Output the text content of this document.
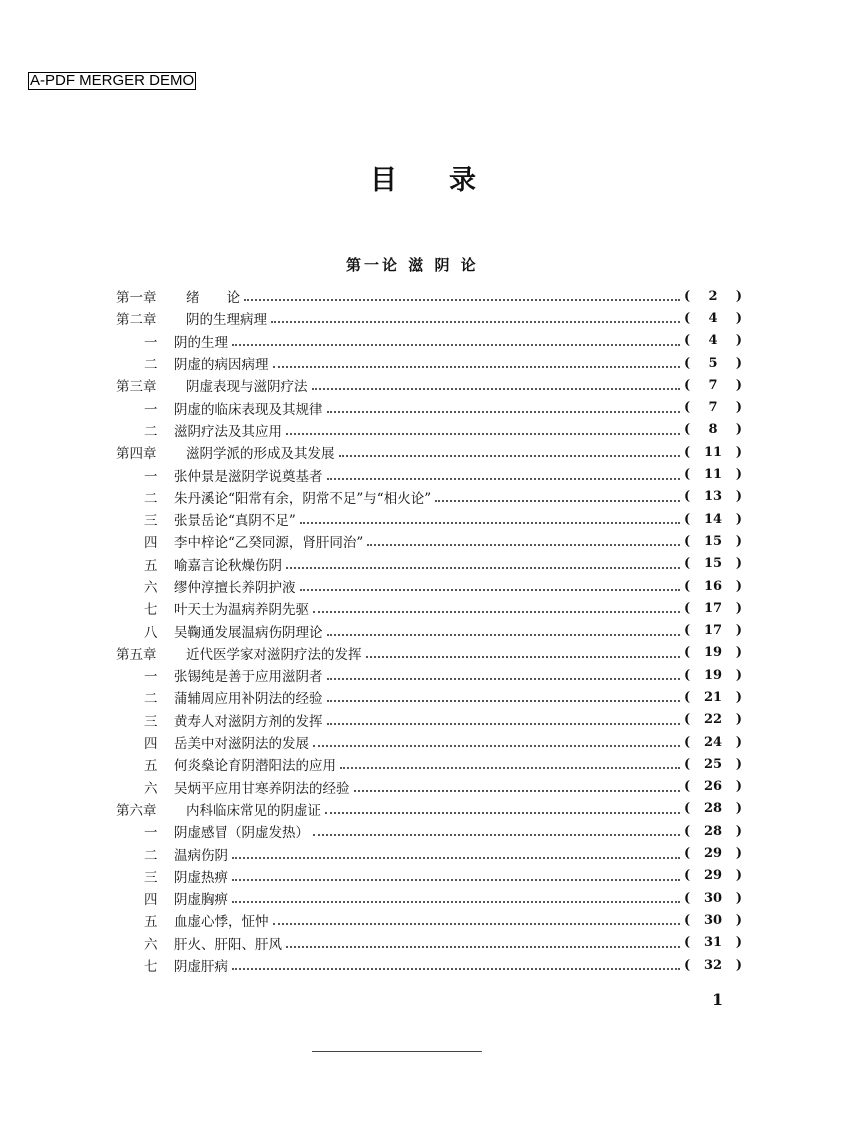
A-PDF MERGER DEMO
目录
第一论 滋 阴 论
第一章	绪　　论	( 2 )
第二章	阴的生理病理	( 4 )
一	阴的生理	( 4 )
二	阴虚的病因病理	( 5 )
第三章	阴虚表现与滋阴疗法	( 7 )
一	阴虚的临床表现及其规律	( 7 )
二	滋阴疗法及其应用	( 8 )
第四章	滋阴学派的形成及其发展	( 11 )
一	张仲景是滋阴学说奠基者	( 11 )
二	朱丹溪论“阳常有余，阴常不足”与“相火论”	( 13 )
三	张景岳论“真阴不足”	( 14 )
四	李中梓论“乙癸同源，肾肝同治”	( 15 )
五	喻嘉言论秋燥伤阴	( 15 )
六	缪仲淳擅长养阴护液	( 16 )
七	叶天士为温病养阴先驱	( 17 )
八	吴鞠通发展温病伤阴理论	( 17 )
第五章	近代医学家对滋阴疗法的发挥	( 19 )
一	张锡纯是善于应用滋阴者	( 19 )
二	蒲辅周应用补阴法的经验	( 21 )
三	黄寿人对滋阴方剂的发挥	( 22 )
四	岳美中对滋阴法的发展	( 24 )
五	何炎燊论育阴潜阳法的应用	( 25 )
六	吴炳平应用甘寒养阴法的经验	( 26 )
第六章	内科临床常见的阴虚证	( 28 )
一	阴虚感冒（阴虚发热）	( 28 )
二	温病伤阴	( 29 )
三	阴虚热痹	( 29 )
四	阴虚胸痹	( 30 )
五	血虚心悸，怔忡	( 30 )
六	肝火、肝阳、肝风	( 31 )
七	阴虚肝病	( 32 )
1
